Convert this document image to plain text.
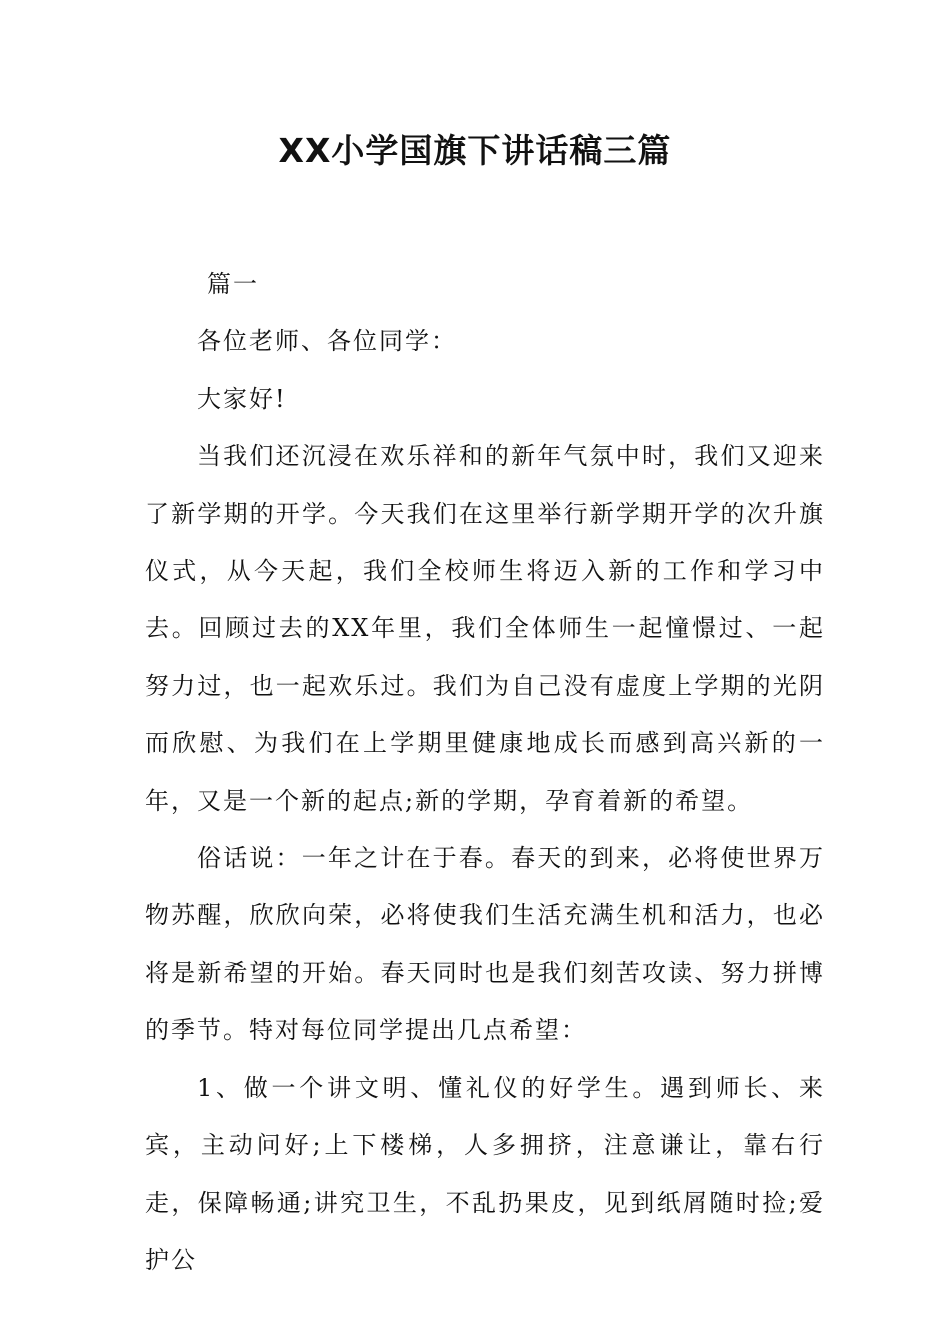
XX小学国旗下讲话稿三篇

篇一

各位老师、各位同学：

大家好!

当我们还沉浸在欢乐祥和的新年气氛中时，我们又迎来了新学期的开学。今天我们在这里举行新学期开学的次升旗仪式，从今天起，我们全校师生将迈入新的工作和学习中去。回顾过去的XX年里，我们全体师生一起憧憬过、一起努力过，也一起欢乐过。我们为自己没有虚度上学期的光阴而欣慰、为我们在上学期里健康地成长而感到高兴新的一年，又是一个新的起点;新的学期，孕育着新的希望。

俗话说：一年之计在于春。春天的到来，必将使世界万物苏醒，欣欣向荣，必将使我们生活充满生机和活力，也必将是新希望的开始。春天同时也是我们刻苦攻读、努力拼博的季节。特对每位同学提出几点希望：

1、做一个讲文明、懂礼仪的好学生。遇到师长、来宾，主动问好;上下楼梯，人多拥挤，注意谦让，靠右行走，保障畅通;讲究卫生，不乱扔果皮，见到纸屑随时捡;爱护公
